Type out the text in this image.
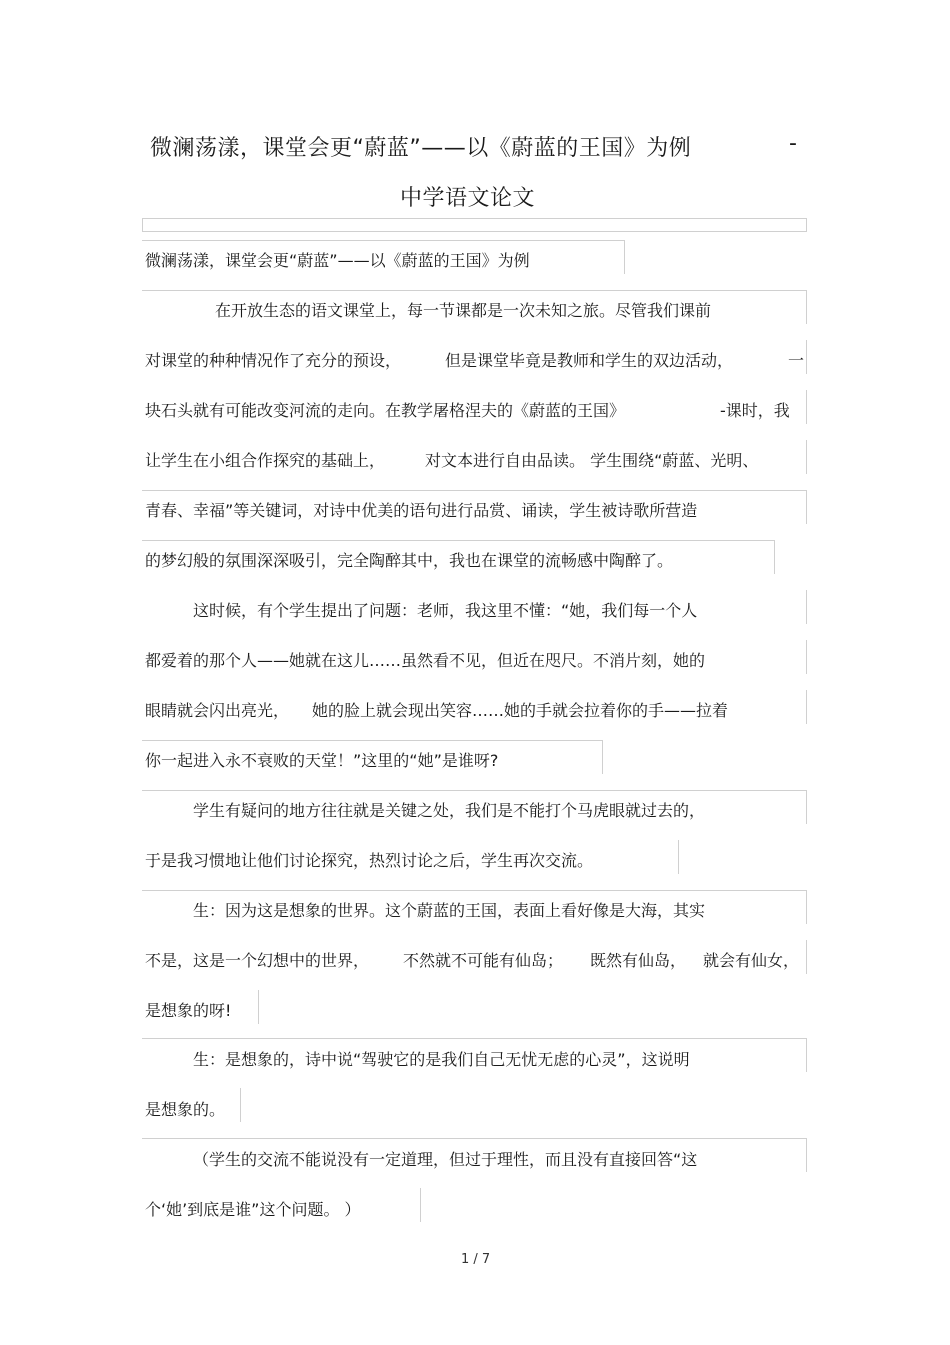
微澜荡漾，课堂会更“蔚蓝”——以《蔚蓝的王国》为例	-
中学语文论文
微澜荡漾，课堂会更“蔚蓝”——以《蔚蓝的王国》为例
在开放生态的语文课堂上，每一节课都是一次未知之旅。尽管我们课前
对课堂的种种情况作了充分的预设，	但是课堂毕竟是教师和学生的双边活动，	一
块石头就有可能改变河流的走向。在教学屠格涅夫的《蔚蓝的王国》	-课时，我
让学生在小组合作探究的基础上， 对文本进行自由品读。 学生围绕“蔚蓝、光明、
青春、幸福”等关键词，对诗中优美的语句进行品赏、诵读，学生被诗歌所营造
的梦幻般的氛围深深吸引，完全陶醉其中，我也在课堂的流畅感中陶醉了。
这时候，有个学生提出了问题：老师，我这里不懂：“她，我们每一个人
都爱着的那个人——她就在这儿……虽然看不见，但近在咫尺。不消片刻，她的
眼睛就会闪出亮光， 她的脸上就会现出笑容……她的手就会拉着你的手——拉着
你一起进入永不衰败的天堂！”这里的“她”是谁呀?
学生有疑问的地方往往就是关键之处，我们是不能打个马虎眼就过去的，
于是我习惯地让他们讨论探究，热烈讨论之后，学生再次交流。
生：因为这是想象的世界。这个蔚蓝的王国，表面上看好像是大海，其实
不是，这是一个幻想中的世界， 不然就不可能有仙岛； 既然有仙岛， 就会有仙女，
是想象的呀!
生：是想象的，诗中说“驾驶它的是我们自己无忧无虑的心灵”，这说明
是想象的。
（学生的交流不能说没有一定道理，但过于理性，而且没有直接回答“这
个‘她’到底是谁”这个问题。 ）
1 / 7
